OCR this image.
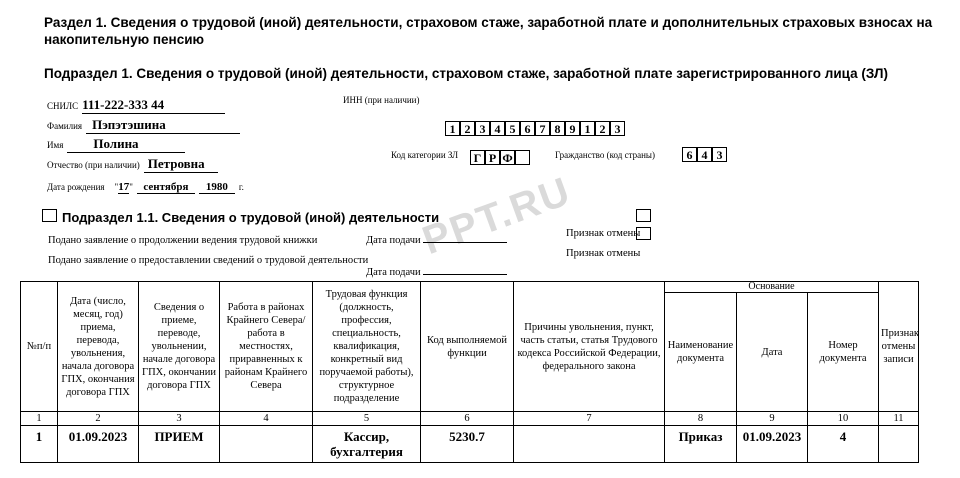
Раздел 1. Сведения о трудовой (иной) деятельности, страховом стаже, заработной плате и дополнительных страховых взносах на накопительную пенсию
Подраздел 1. Сведения о трудовой (иной) деятельности, страховом стаже, заработной плате зарегистрированного лица (ЗЛ)
СНИЛС 111-222-333 44
Фамилия Пэпэтэшина
Имя Полина
Отчество (при наличии) Петровна
Дата рождения "17" сентября 1980 г.
ИНН (при наличии)
1 2 3 4 5 6 7 8 9 1 2 3
Код категории ЗЛ	Г Р Ф	Гражданство (код страны)	6 4 3
Подраздел 1.1. Сведения о трудовой (иной) деятельности
PPT.RU
Подано заявление о продолжении ведения трудовой книжки	Дата подачи
Признак отмены
Подано заявление о предоставлении сведений о трудовой деятельности
Признак отмены
Дата подачи
№п/п	Дата (число, месяц, год) приема, перевода, увольнения, начала договора ГПХ, окончания договора ГПХ	Сведения о приеме, переводе, увольнении, начале договора ГПХ, окончании договора ГПХ	Работа в районах Крайнего Севера/работа в местностях, приравненных к районам Крайнего Севера	Трудовая функция (должность, профессия, специальность, квалификация, конкретный вид поручаемой работы), структурное подразделение	Код выполняемой функции	Причины увольнения, пункт, часть статьи, статья Трудового кодекса Российской Федерации, федерального закона	Основание			Признак отмены записи
							Наименование документа	Дата	Номер документа	
1	2	3	4	5	6	7	8	9	10	11
1	01.09.2023	ПРИЕМ		Кассир, бухгалтерия	5230.7		Приказ	01.09.2023	4	
